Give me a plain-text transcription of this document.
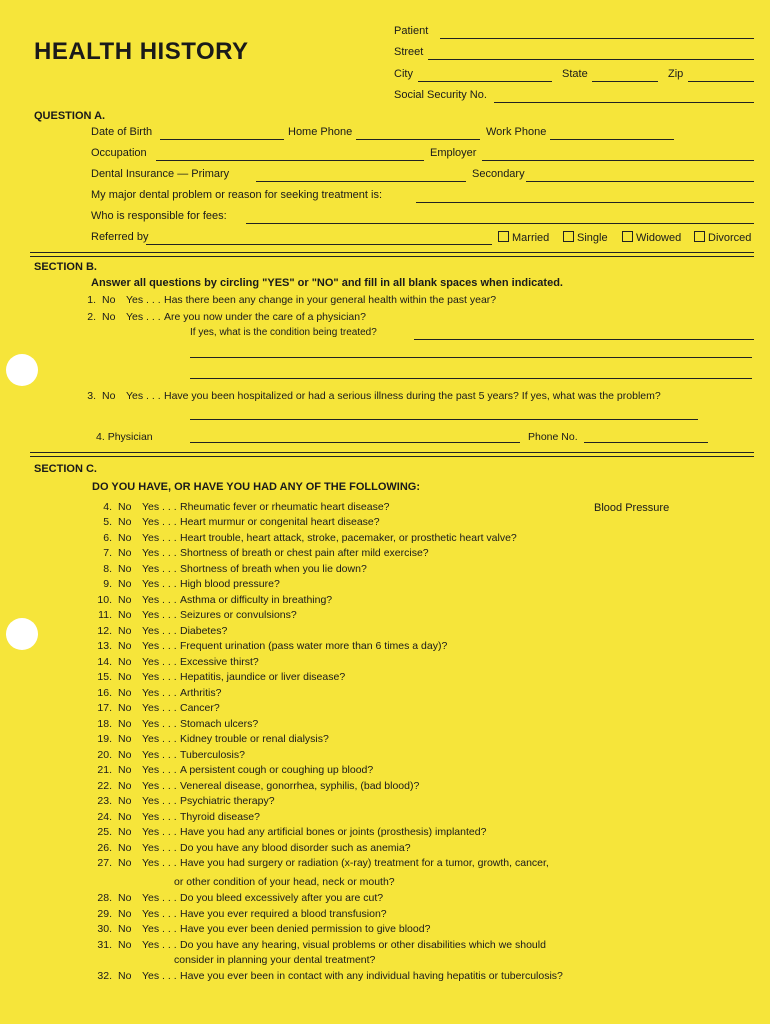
HEALTH HISTORY
Patient
Street
City	State	Zip
Social Security No.
QUESTION A.
Date of Birth	Home Phone	Work Phone
Occupation	Employer
Dental Insurance — Primary	Secondary
My major dental problem or reason for seeking treatment is:
Who is responsible for fees:
Referred by	Married	Single	Widowed	Divorced
SECTION B.
Answer all questions by circling "YES" or "NO" and fill in all blank spaces when indicated.
1. No Yes . . . Has there been any change in your general health within the past year?
2. No Yes . . . Are you now under the care of a physician?
If yes, what is the condition being treated?
3. No Yes . . . Have you been hospitalized or had a serious illness during the past 5 years? If yes, what was the problem?
4. Physician	Phone No.
SECTION C.
DO YOU HAVE, OR HAVE YOU HAD ANY OF THE FOLLOWING:
Blood Pressure
4. No Yes . . . Rheumatic fever or rheumatic heart disease?
5. No Yes . . . Heart murmur or congenital heart disease?
6. No Yes . . . Heart trouble, heart attack, stroke, pacemaker, or prosthetic heart valve?
7. No Yes . . . Shortness of breath or chest pain after mild exercise?
8. No Yes . . . Shortness of breath when you lie down?
9. No Yes . . . High blood pressure?
10. No Yes . . . Asthma or difficulty in breathing?
11. No Yes . . . Seizures or convulsions?
12. No Yes . . . Diabetes?
13. No Yes . . . Frequent urination (pass water more than 6 times a day)?
14. No Yes . . . Excessive thirst?
15. No Yes . . . Hepatitis, jaundice or liver disease?
16. No Yes . . . Arthritis?
17. No Yes . . . Cancer?
18. No Yes . . . Stomach ulcers?
19. No Yes . . . Kidney trouble or renal dialysis?
20. No Yes . . . Tuberculosis?
21. No Yes . . . A persistent cough or coughing up blood?
22. No Yes . . . Venereal disease, gonorrhea, syphilis, (bad blood)?
23. No Yes . . . Psychiatric therapy?
24. No Yes . . . Thyroid disease?
25. No Yes . . . Have you had any artificial bones or joints (prosthesis) implanted?
26. No Yes . . . Do you have any blood disorder such as anemia?
27. No Yes . . . Have you had surgery or radiation (x-ray) treatment for a tumor, growth, cancer,
28. No Yes . . . Do you bleed excessively after you are cut?
29. No Yes . . . Have you ever required a blood transfusion?
30. No Yes . . . Have you ever been denied permission to give blood?
31. No Yes . . . Do you have any hearing, visual problems or other disabilities which we should
32. No Yes . . . Have you ever been in contact with any individual having hepatitis or tuberculosis?
or other condition of your head, neck or mouth?
consider in planning your dental treatment?
